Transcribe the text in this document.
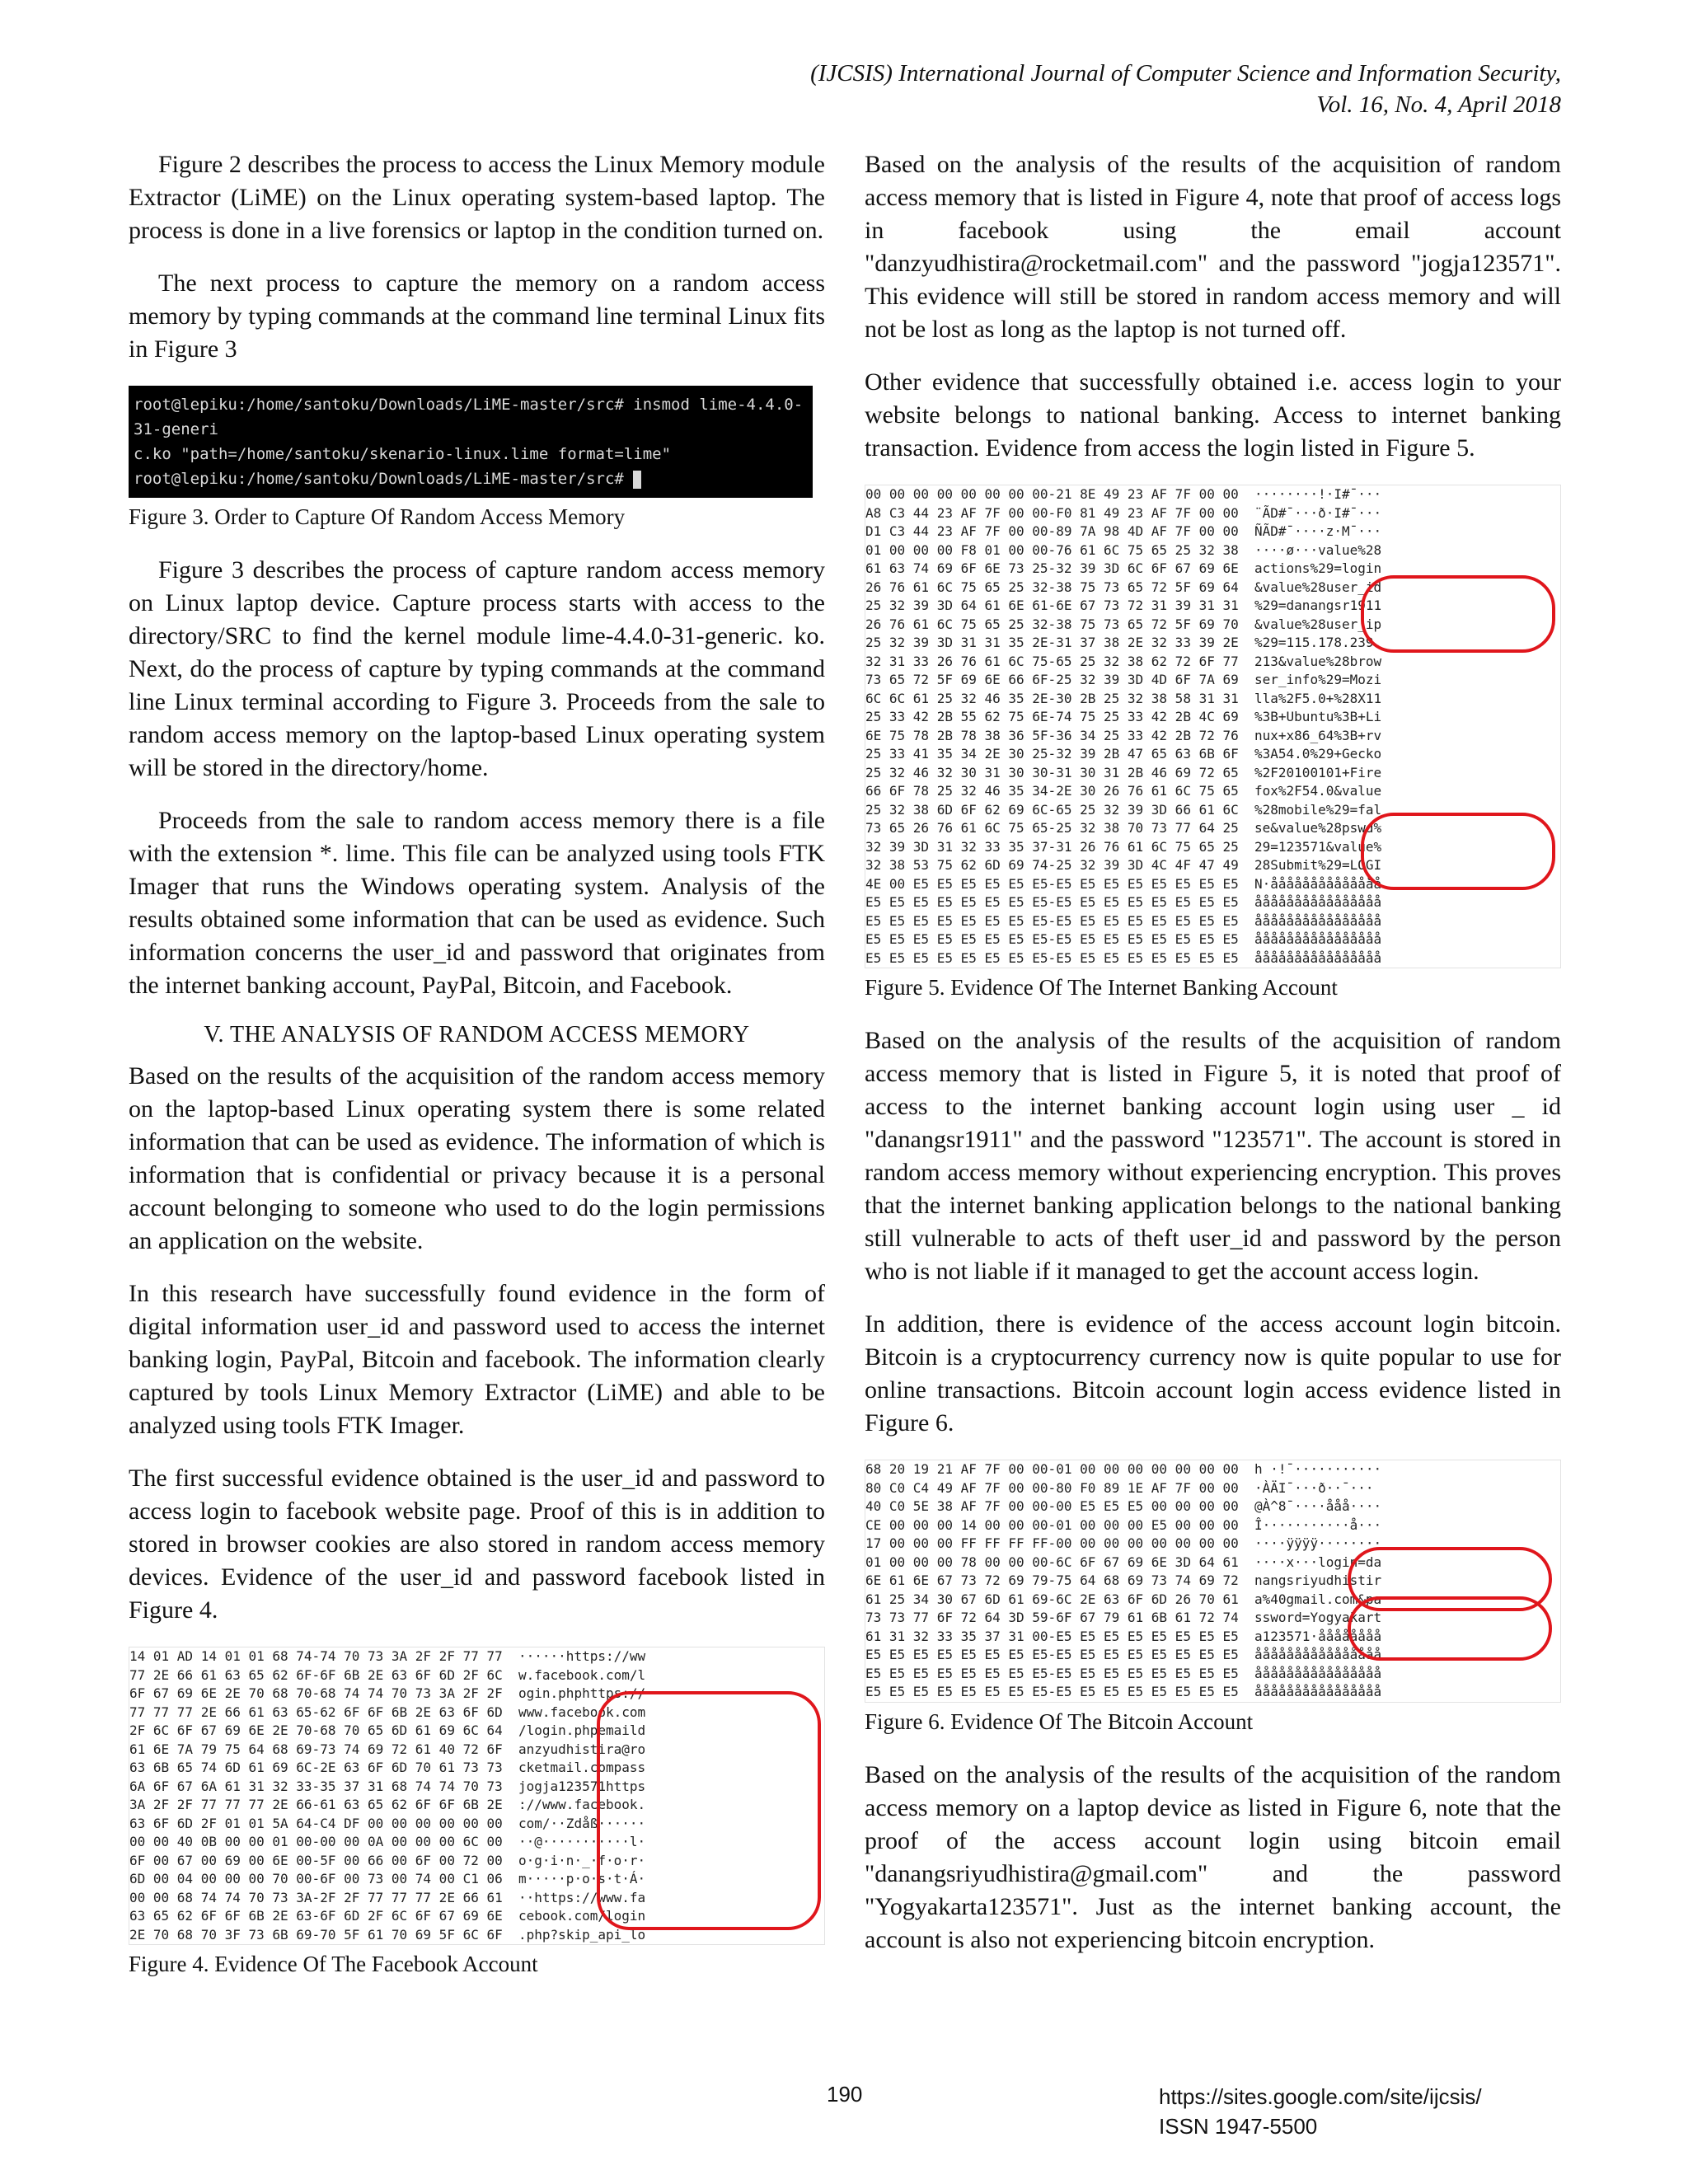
(IJCSIS) International Journal of Computer Science and Information Security,
Vol. 16, No. 4, April 2018

Figure 2 describes the process to access the Linux Memory module Extractor (LiME) on the Linux operating system-based laptop. The process is done in a live forensics or laptop in the condition turned on.

The next process to capture the memory on a random access memory by typing commands at the command line terminal Linux fits in Figure 3

root@lepiku:/home/santoku/Downloads/LiME-master/src# insmod lime-4.4.0-31-generi
c.ko "path=/home/santoku/skenario-linux.lime format=lime"
root@lepiku:/home/santoku/Downloads/LiME-master/src#
Figure 3. Order to Capture Of Random Access Memory

Figure 3 describes the process of capture random access memory on Linux laptop device. Capture process starts with access to the directory/SRC to find the kernel module lime-4.4.0-31-generic. ko. Next, do the process of capture by typing commands at the command line Linux terminal according to Figure 3. Proceeds from the sale to random access memory on the laptop-based Linux operating system will be stored in the directory/home.

Proceeds from the sale to random access memory there is a file with the extension *. lime. This file can be analyzed using tools FTK Imager that runs the Windows operating system. Analysis of the results obtained some information that can be used as evidence. Such information concerns the user_id and password that originates from the internet banking account, PayPal, Bitcoin, and Facebook.

V. THE ANALYSIS OF RANDOM ACCESS MEMORY

Based on the results of the acquisition of the random access memory on the laptop-based Linux operating system there is some related information that can be used as evidence. The information of which is information that is confidential or privacy because it is a personal account belonging to someone who used to do the login permissions an application on the website.

In this research have successfully found evidence in the form of digital information user_id and password used to access the internet banking login, PayPal, Bitcoin and facebook. The information clearly captured by tools Linux Memory Extractor (LiME) and able to be analyzed using tools FTK Imager.

The first successful evidence obtained is the user_id and password to access login to facebook website page. Proof of this is in addition to stored in browser cookies are also stored in random access memory devices. Evidence of the user_id and password facebook listed in Figure 4.

14 01 AD 14 01 01 68 74-74 70 73 3A 2F 2F 77 77  ······https://ww
77 2E 66 61 63 65 62 6F-6F 6B 2E 63 6F 6D 2F 6C  w.facebook.com/l
6F 67 69 6E 2E 70 68 70-68 74 74 70 73 3A 2F 2F  ogin.phphttps://
77 77 77 2E 66 61 63 65-62 6F 6F 6B 2E 63 6F 6D  www.facebook.com
2F 6C 6F 67 69 6E 2E 70-68 70 65 6D 61 69 6C 64  /login.phpemaild
61 6E 7A 79 75 64 68 69-73 74 69 72 61 40 72 6F  anzyudhistira@ro
63 6B 65 74 6D 61 69 6C-2E 63 6F 6D 70 61 73 73  cketmail.compass
6A 6F 67 6A 61 31 32 33-35 37 31 68 74 74 70 73  jogja123571https
3A 2F 2F 77 77 77 2E 66-61 63 65 62 6F 6F 6B 2E  ://www.facebook.
63 6F 6D 2F 01 01 5A 64-C4 DF 00 00 00 00 00 00  com/··Zdåß······
00 00 40 0B 00 00 01 00-00 00 0A 00 00 00 6C 00  ··@···········l·
6F 00 67 00 69 00 6E 00-5F 00 66 00 6F 00 72 00  o·g·i·n·_·f·o·r·
6D 00 04 00 00 00 70 00-6F 00 73 00 74 00 C1 06  m·····p·o·s·t·Á·
00 00 68 74 74 70 73 3A-2F 2F 77 77 77 2E 66 61  ··https://www.fa
63 65 62 6F 6F 6B 2E 63-6F 6D 2F 6C 6F 67 69 6E  cebook.com/login
2E 70 68 70 3F 73 6B 69-70 5F 61 70 69 5F 6C 6F  .php?skip_api_lo
Figure 4. Evidence Of The Facebook Account

Based on the analysis of the results of the acquisition of random access memory that is listed in Figure 4, note that proof of access logs in facebook using the email account "danzyudhistira@rocketmail.com" and the password "jogja123571". This evidence will still be stored in random access memory and will not be lost as long as the laptop is not turned off.

Other evidence that successfully obtained i.e. access login to your website belongs to national banking. Access to internet banking transaction. Evidence from access the login listed in Figure 5.

00 00 00 00 00 00 00 00-21 8E 49 23 AF 7F 00 00  ········!·I#¯···
A8 C3 44 23 AF 7F 00 00-F0 81 49 23 AF 7F 00 00  ¨ÃD#¯···ð·I#¯···
D1 C3 44 23 AF 7F 00 00-89 7A 98 4D AF 7F 00 00  ÑÃD#¯····z·M¯···
01 00 00 00 F8 01 00 00-76 61 6C 75 65 25 32 38  ····ø···value%28
61 63 74 69 6F 6E 73 25-32 39 3D 6C 6F 67 69 6E  actions%29=login
26 76 61 6C 75 65 25 32-38 75 73 65 72 5F 69 64  &value%28user_id
25 32 39 3D 64 61 6E 61-6E 67 73 72 31 39 31 31  %29=danangsr1911
26 76 61 6C 75 65 25 32-38 75 73 65 72 5F 69 70  &value%28user_ip
25 32 39 3D 31 31 35 2E-31 37 38 2E 32 33 39 2E  %29=115.178.239.
32 31 33 26 76 61 6C 75-65 25 32 38 62 72 6F 77  213&value%28brow
73 65 72 5F 69 6E 66 6F-25 32 39 3D 4D 6F 7A 69  ser_info%29=Mozi
6C 6C 61 25 32 46 35 2E-30 2B 25 32 38 58 31 31  lla%2F5.0+%28X11
25 33 42 2B 55 62 75 6E-74 75 25 33 42 2B 4C 69  %3B+Ubuntu%3B+Li
6E 75 78 2B 78 38 36 5F-36 34 25 33 42 2B 72 76  nux+x86_64%3B+rv
25 33 41 35 34 2E 30 25-32 39 2B 47 65 63 6B 6F  %3A54.0%29+Gecko
25 32 46 32 30 31 30 30-31 30 31 2B 46 69 72 65  %2F20100101+Fire
66 6F 78 25 32 46 35 34-2E 30 26 76 61 6C 75 65  fox%2F54.0&value
25 32 38 6D 6F 62 69 6C-65 25 32 39 3D 66 61 6C  %28mobile%29=fal
73 65 26 76 61 6C 75 65-25 32 38 70 73 77 64 25  se&value%28pswd%
32 39 3D 31 32 33 35 37-31 26 76 61 6C 75 65 25  29=123571&value%
32 38 53 75 62 6D 69 74-25 32 39 3D 4C 4F 47 49  28Submit%29=LOGI
4E 00 E5 E5 E5 E5 E5 E5-E5 E5 E5 E5 E5 E5 E5 E5  N·åååååååååååååå
E5 E5 E5 E5 E5 E5 E5 E5-E5 E5 E5 E5 E5 E5 E5 E5  åååååååååååååååå
E5 E5 E5 E5 E5 E5 E5 E5-E5 E5 E5 E5 E5 E5 E5 E5  åååååååååååååååå
E5 E5 E5 E5 E5 E5 E5 E5-E5 E5 E5 E5 E5 E5 E5 E5  åååååååååååååååå
E5 E5 E5 E5 E5 E5 E5 E5-E5 E5 E5 E5 E5 E5 E5 E5  åååååååååååååååå
Figure 5. Evidence Of The Internet Banking Account

Based on the analysis of the results of the acquisition of random access memory that is listed in Figure 5, it is noted that proof of access to the internet banking account login using user _ id "danangsr1911" and the password "123571". The account is stored in random access memory without experiencing encryption. This proves that the internet banking application belongs to the national banking still vulnerable to acts of theft user_id and password by the person who is not liable if it managed to get the account access login.

In addition, there is evidence of the access account login bitcoin. Bitcoin is a cryptocurrency currency now is quite popular to use for online transactions. Bitcoin account login access evidence listed in Figure 6.

68 20 19 21 AF 7F 00 00-01 00 00 00 00 00 00 00  h ·!¯···········
80 C0 C4 49 AF 7F 00 00-80 F0 89 1E AF 7F 00 00  ·ÀÄI¯···ð··¯···
40 C0 5E 38 AF 7F 00 00-00 E5 E5 E5 00 00 00 00  @À^8¯····ååå····
CE 00 00 00 14 00 00 00-01 00 00 00 E5 00 00 00  Î···········å···
17 00 00 00 FF FF FF FF-00 00 00 00 00 00 00 00  ····ÿÿÿÿ········
01 00 00 00 78 00 00 00-6C 6F 67 69 6E 3D 64 61  ····x···login=da
6E 61 6E 67 73 72 69 79-75 64 68 69 73 74 69 72  nangsriyudhistir
61 25 34 30 67 6D 61 69-6C 2E 63 6F 6D 26 70 61  a%40gmail.com&pa
73 73 77 6F 72 64 3D 59-6F 67 79 61 6B 61 72 74  ssword=Yogyakart
61 31 32 33 35 37 31 00-E5 E5 E5 E5 E5 E5 E5 E5  a123571·åååååååå
E5 E5 E5 E5 E5 E5 E5 E5-E5 E5 E5 E5 E5 E5 E5 E5  åååååååååååååååå
E5 E5 E5 E5 E5 E5 E5 E5-E5 E5 E5 E5 E5 E5 E5 E5  åååååååååååååååå
E5 E5 E5 E5 E5 E5 E5 E5-E5 E5 E5 E5 E5 E5 E5 E5  åååååååååååååååå
Figure 6. Evidence Of The Bitcoin Account

Based on the analysis of the results of the acquisition of the random access memory on a laptop device as listed in Figure 6, note that the proof of the access account login using bitcoin email "danangsriyudhistira@gmail.com" and the password "Yogyakarta123571". Just as the internet banking account, the account is also not experiencing bitcoin encryption.

190	https://sites.google.com/site/ijcsis/
ISSN 1947-5500
